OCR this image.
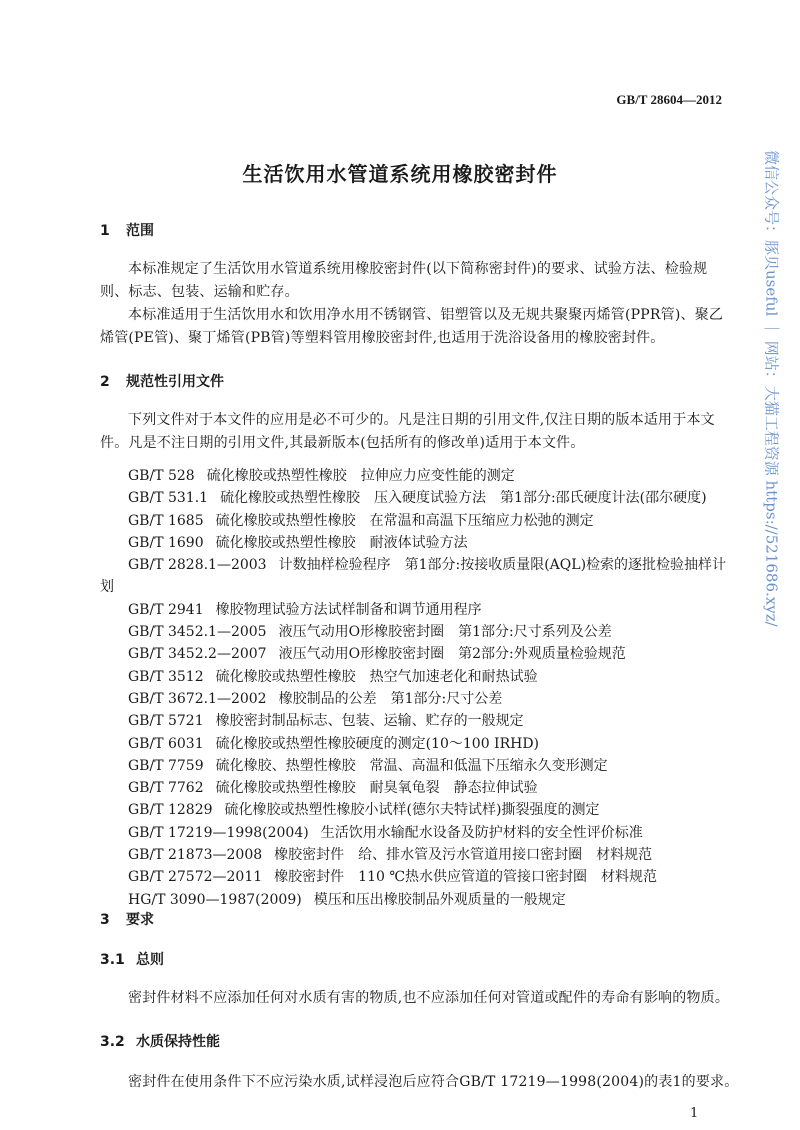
GB/T 28604—2012
生活饮用水管道系统用橡胶密封件
1 范围
本标准规定了生活饮用水管道系统用橡胶密封件(以下简称密封件)的要求、试验方法、检验规则、标志、包装、运输和贮存。
本标准适用于生活饮用水和饮用净水用不锈钢管、铝塑管以及无规共聚聚丙烯管(PPR管)、聚乙烯管(PE管)、聚丁烯管(PB管)等塑料管用橡胶密封件,也适用于洗浴设备用的橡胶密封件。
2 规范性引用文件
下列文件对于本文件的应用是必不可少的。凡是注日期的引用文件,仅注日期的版本适用于本文件。凡是不注日期的引用文件,其最新版本(包括所有的修改单)适用于本文件。
GB/T 528 硫化橡胶或热塑性橡胶　拉伸应力应变性能的测定
GB/T 531.1 硫化橡胶或热塑性橡胶　压入硬度试验方法　第1部分:邵氏硬度计法(邵尔硬度)
GB/T 1685 硫化橡胶或热塑性橡胶　在常温和高温下压缩应力松弛的测定
GB/T 1690 硫化橡胶或热塑性橡胶　耐液体试验方法
GB/T 2828.1—2003 计数抽样检验程序　第1部分:按接收质量限(AQL)检索的逐批检验抽样计划
GB/T 2941 橡胶物理试验方法试样制备和调节通用程序
GB/T 3452.1—2005 液压气动用O形橡胶密封圈　第1部分:尺寸系列及公差
GB/T 3452.2—2007 液压气动用O形橡胶密封圈　第2部分:外观质量检验规范
GB/T 3512 硫化橡胶或热塑性橡胶　热空气加速老化和耐热试验
GB/T 3672.1—2002 橡胶制品的公差　第1部分:尺寸公差
GB/T 5721 橡胶密封制品标志、包装、运输、贮存的一般规定
GB/T 6031 硫化橡胶或热塑性橡胶硬度的测定(10～100 IRHD)
GB/T 7759 硫化橡胶、热塑性橡胶　常温、高温和低温下压缩永久变形测定
GB/T 7762 硫化橡胶或热塑性橡胶　耐臭氧龟裂　静态拉伸试验
GB/T 12829 硫化橡胶或热塑性橡胶小试样(德尔夫特试样)撕裂强度的测定
GB/T 17219—1998(2004) 生活饮用水输配水设备及防护材料的安全性评价标准
GB/T 21873—2008 橡胶密封件　给、排水管及污水管道用接口密封圈　材料规范
GB/T 27572—2011 橡胶密封件　110 ℃热水供应管道的管接口密封圈　材料规范
HG/T 3090—1987(2009) 模压和压出橡胶制品外观质量的一般规定
3 要求
3.1 总则
密封件材料不应添加任何对水质有害的物质,也不应添加任何对管道或配件的寿命有影响的物质。
3.2 水质保持性能
密封件在使用条件下不应污染水质,试样浸泡后应符合GB/T 17219—1998(2004)的表1的要求。
1
微信公众号：豚贝useful ｜ 网站：大猫工程资源 https://521686.xyz/
